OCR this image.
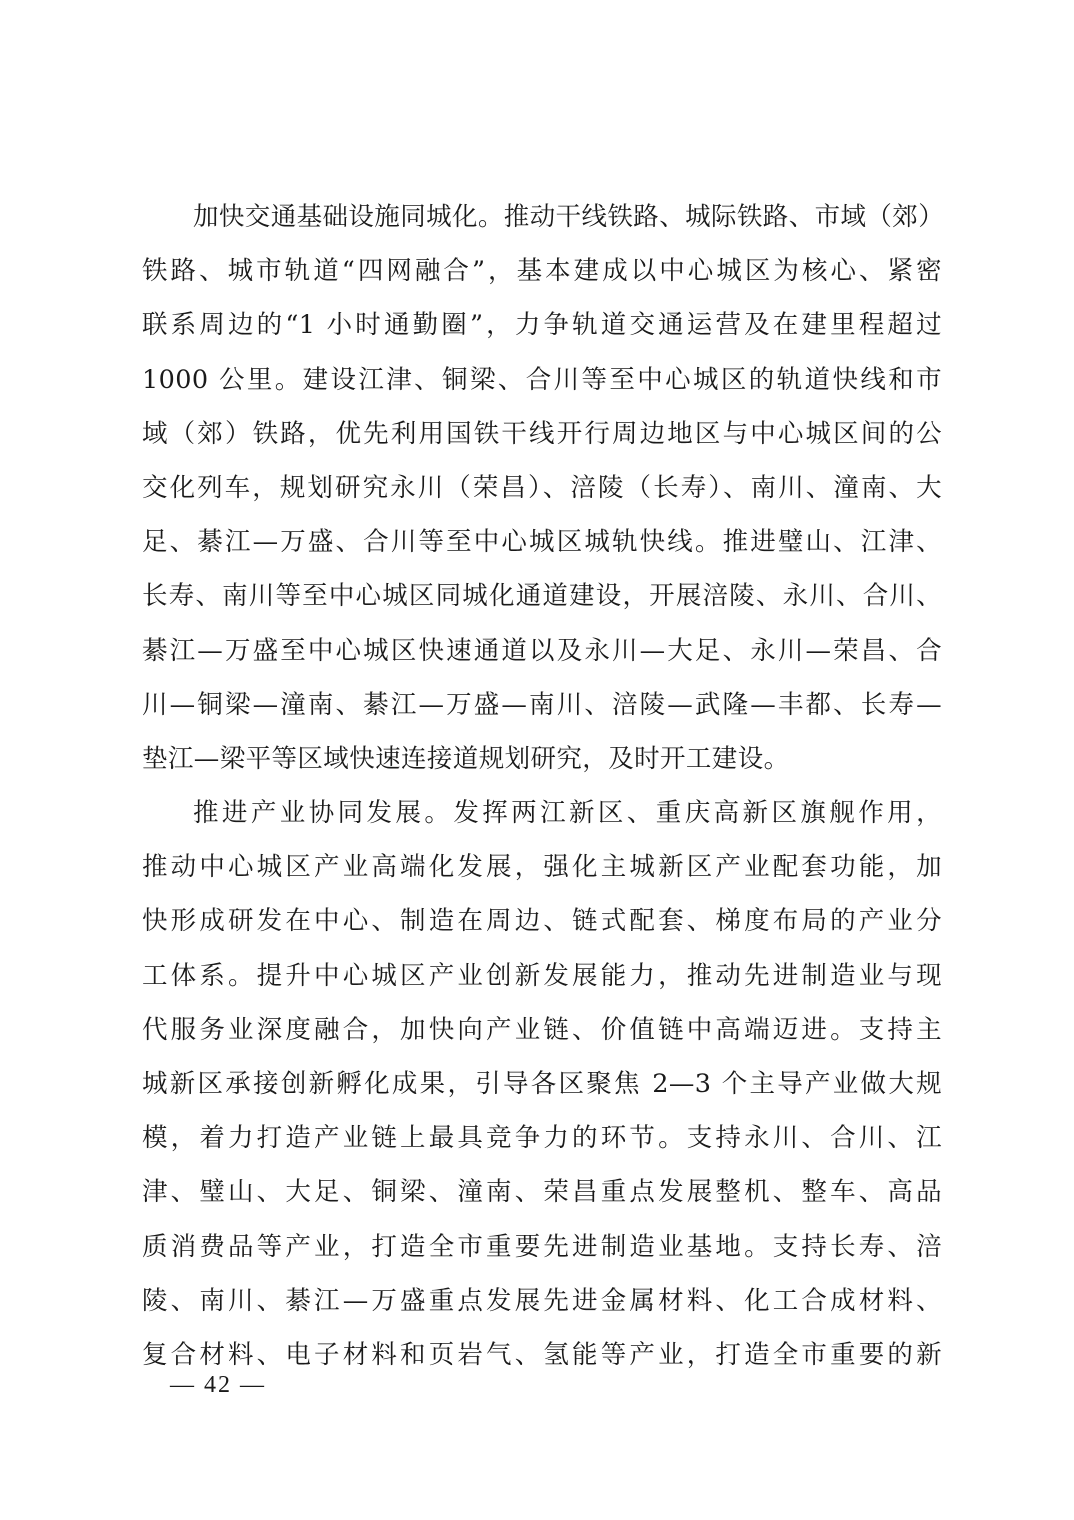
加快交通基础设施同城化。推动干线铁路、城际铁路、市域（郊）
铁路、城市轨道“四网融合”，基本建成以中心城区为核心、紧密
联系周边的“1 小时通勤圈”，力争轨道交通运营及在建里程超过
1000 公里。建设江津、铜梁、合川等至中心城区的轨道快线和市
域（郊）铁路，优先利用国铁干线开行周边地区与中心城区间的公
交化列车，规划研究永川（荣昌）、涪陵（长寿）、南川、潼南、大
足、綦江—万盛、合川等至中心城区城轨快线。推进璧山、江津、
长寿、南川等至中心城区同城化通道建设，开展涪陵、永川、合川、
綦江—万盛至中心城区快速通道以及永川—大足、永川—荣昌、合
川—铜梁—潼南、綦江—万盛—南川、涪陵—武隆—丰都、长寿—
垫江—梁平等区域快速连接道规划研究，及时开工建设。
推进产业协同发展。发挥两江新区、重庆高新区旗舰作用，
推动中心城区产业高端化发展，强化主城新区产业配套功能，加
快形成研发在中心、制造在周边、链式配套、梯度布局的产业分
工体系。提升中心城区产业创新发展能力，推动先进制造业与现
代服务业深度融合，加快向产业链、价值链中高端迈进。支持主
城新区承接创新孵化成果，引导各区聚焦 2—3 个主导产业做大规
模，着力打造产业链上最具竞争力的环节。支持永川、合川、江
津、璧山、大足、铜梁、潼南、荣昌重点发展整机、整车、高品
质消费品等产业，打造全市重要先进制造业基地。支持长寿、涪
陵、南川、綦江—万盛重点发展先进金属材料、化工合成材料、
复合材料、电子材料和页岩气、氢能等产业，打造全市重要的新
— 42 —
